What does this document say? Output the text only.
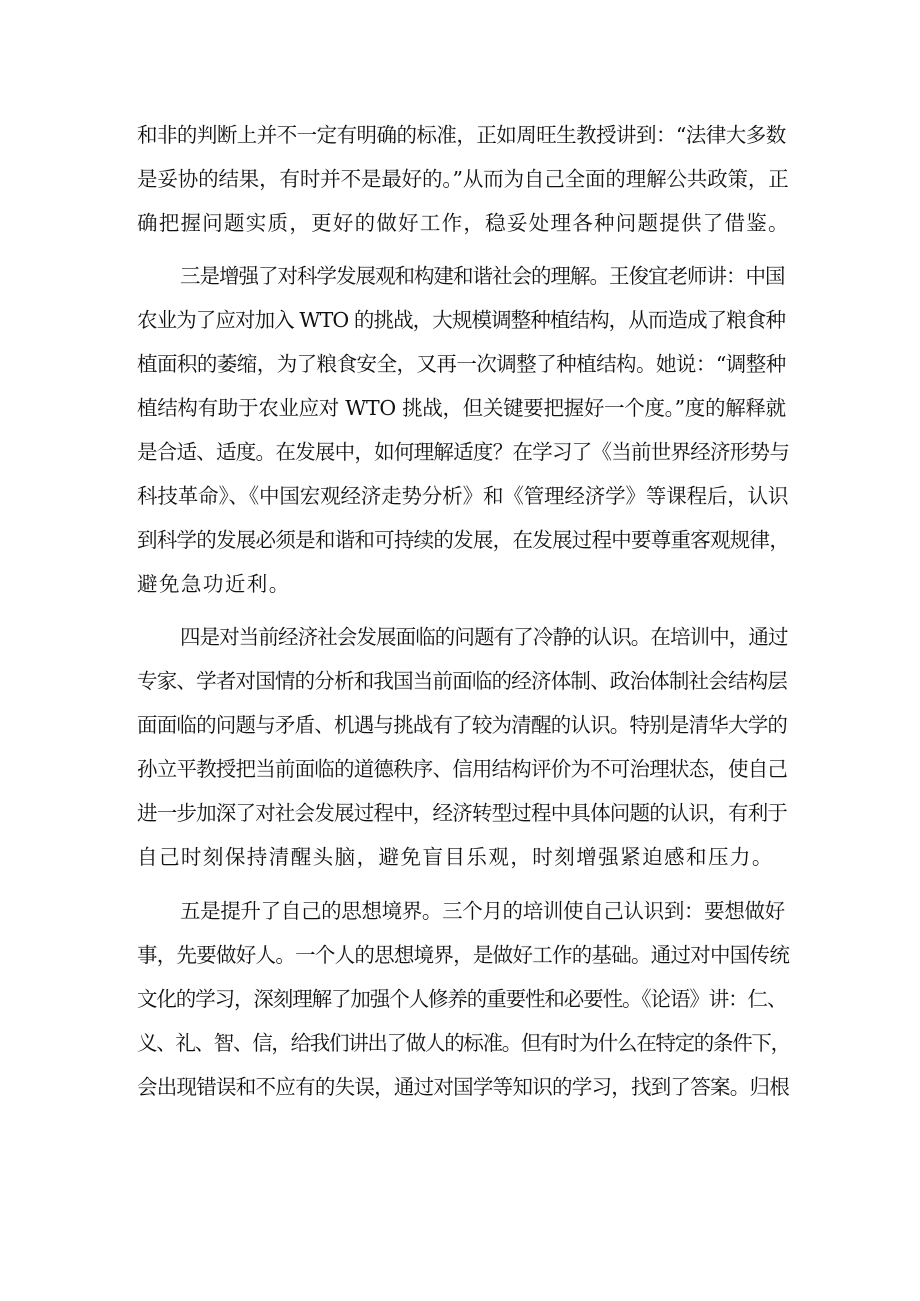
和非的判断上并不一定有明确的标准，正如周旺生教授讲到：“法律大多数

是妥协的结果，有时并不是最好的。”从而为自己全面的理解公共政策，正

确把握问题实质，更好的做好工作，稳妥处理各种问题提供了借鉴。

三是增强了对科学发展观和构建和谐社会的理解。王俊宜老师讲：中国

农业为了应对加入 WTO 的挑战，大规模调整种植结构，从而造成了粮食种

植面积的萎缩，为了粮食安全，又再一次调整了种植结构。她说：“调整种

植结构有助于农业应对 WTO 挑战，但关键要把握好一个度。”度的解释就

是合适、适度。在发展中，如何理解适度？在学习了《当前世界经济形势与

科技革命》、《中国宏观经济走势分析》和《管理经济学》等课程后，认识

到科学的发展必须是和谐和可持续的发展，在发展过程中要尊重客观规律，

避免急功近利。

四是对当前经济社会发展面临的问题有了冷静的认识。在培训中，通过

专家、学者对国情的分析和我国当前面临的经济体制、政治体制社会结构层

面面临的问题与矛盾、机遇与挑战有了较为清醒的认识。特别是清华大学的

孙立平教授把当前面临的道德秩序、信用结构评价为不可治理状态，使自己

进一步加深了对社会发展过程中，经济转型过程中具体问题的认识，有利于

自己时刻保持清醒头脑，避免盲目乐观，时刻增强紧迫感和压力。

五是提升了自己的思想境界。三个月的培训使自己认识到：要想做好

事，先要做好人。一个人的思想境界，是做好工作的基础。通过对中国传统

文化的学习，深刻理解了加强个人修养的重要性和必要性。《论语》讲：仁、

义、礼、智、信，给我们讲出了做人的标准。但有时为什么在特定的条件下，

会出现错误和不应有的失误，通过对国学等知识的学习，找到了答案。归根
